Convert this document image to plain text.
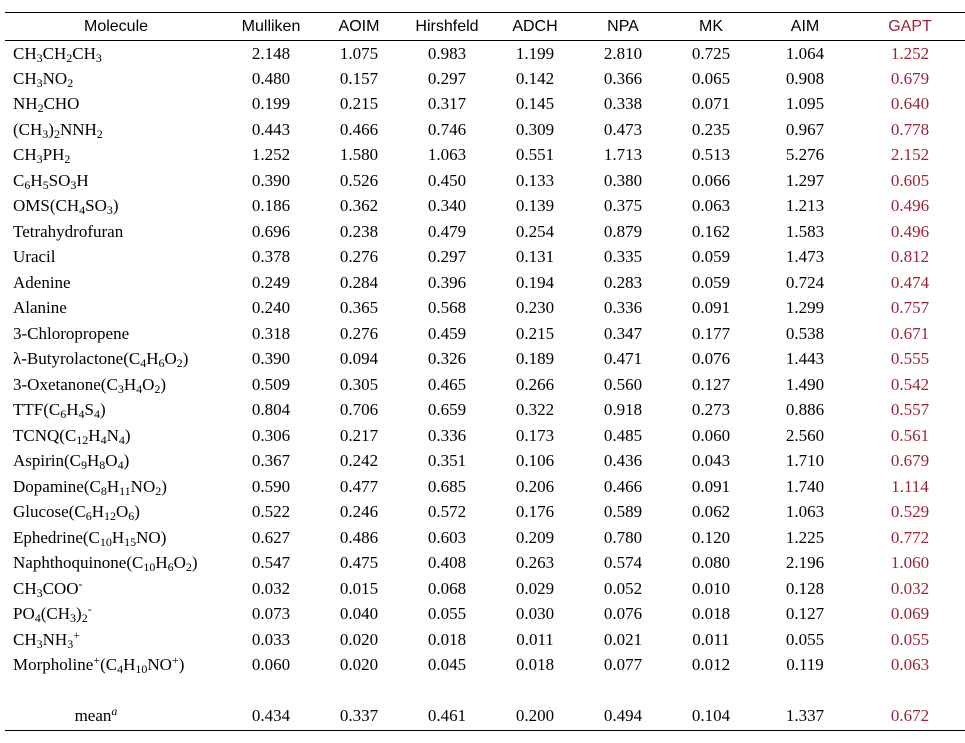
Molecule	Mulliken	AOIM	Hirshfeld	ADCH	NPA	MK	AIM	GAPT
$CH_3CH_2CH_3$	2.148	1.075	0.983	1.199	2.810	0.725	1.064	1.252
$CH_3NO_2$	0.480	0.157	0.297	0.142	0.366	0.065	0.908	0.679
$NH_2CHO$	0.199	0.215	0.317	0.145	0.338	0.071	1.095	0.640
$(CH_3)_2NNH_2$	0.443	0.466	0.746	0.309	0.473	0.235	0.967	0.778
$CH_3PH_2$	1.252	1.580	1.063	0.551	1.713	0.513	5.276	2.152
$C_6H_5SO_3H$	0.390	0.526	0.450	0.133	0.380	0.066	1.297	0.605
$OMS(CH_4SO_3)$	0.186	0.362	0.340	0.139	0.375	0.063	1.213	0.496
Tetrahydrofuran	0.696	0.238	0.479	0.254	0.879	0.162	1.583	0.496
Uracil	0.378	0.276	0.297	0.131	0.335	0.059	1.473	0.812
Adenine	0.249	0.284	0.396	0.194	0.283	0.059	0.724	0.474
Alanine	0.240	0.365	0.568	0.230	0.336	0.091	1.299	0.757
3-Chloropropene	0.318	0.276	0.459	0.215	0.347	0.177	0.538	0.671
$\lambda-Butyrolactone(C_4H_6O_2)$	0.390	0.094	0.326	0.189	0.471	0.076	1.443	0.555
$3-Oxetanone(C_3H_4O_2)$	0.509	0.305	0.465	0.266	0.560	0.127	1.490	0.542
$TTF(C_6H_4S_4)$	0.804	0.706	0.659	0.322	0.918	0.273	0.886	0.557
$TCNQ(C_{12}H_4N_4)$	0.306	0.217	0.336	0.173	0.485	0.060	2.560	0.561
$Aspirin(C_9H_8O_4)$	0.367	0.242	0.351	0.106	0.436	0.043	1.710	0.679
$Dopamine(C_8H_{11}NO_2)$	0.590	0.477	0.685	0.206	0.466	0.091	1.740	1.114
$Glucose(C_6H_{12}O_6)$	0.522	0.246	0.572	0.176	0.589	0.062	1.063	0.529
$Ephedrine(C_{10}H_{15}NO)$	0.627	0.486	0.603	0.209	0.780	0.120	1.225	0.772
$Naphthoquinone(C_{10}H_6O_2)$	0.547	0.475	0.408	0.263	0.574	0.080	2.196	1.060
$CH_3COO^-$	0.032	0.015	0.068	0.029	0.052	0.010	0.128	0.032
$PO_4(CH_3)_2^-$	0.073	0.040	0.055	0.030	0.076	0.018	0.127	0.069
$CH_3NH_3^+$	0.033	0.020	0.018	0.011	0.021	0.011	0.055	0.055
$Morpholine^+(C_4H_{10}NO^+)$	0.060	0.020	0.045	0.018	0.077	0.012	0.119	0.063

mean$^a$	0.434	0.337	0.461	0.200	0.494	0.104	1.337	0.672
